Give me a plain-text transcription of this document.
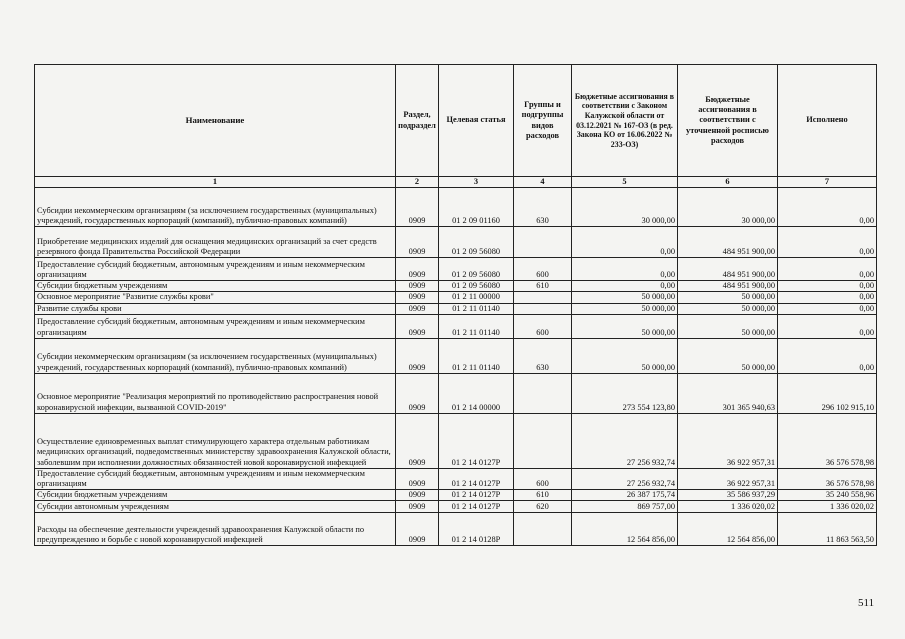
Наименование	Раздел, подраздел	Целевая статья	Группы и подгруппы видов расходов	Бюджетные ассигнования в соответствии с Законом Калужской области от 03.12.2021 № 167-ОЗ (в ред. Закона КО от 16.06.2022 № 233-ОЗ)	Бюджетные ассигнования в соответствии с уточненной росписью расходов	Исполнено
1	2	3	4	5	6	7
Субсидии некоммерческим организациям (за исключением государственных (муниципальных) учреждений, государственных корпораций (компаний), публично-правовых компаний)	0909	01 2 09 01160	630	30 000,00	30 000,00	0,00
Приобретение медицинских изделий для оснащения медицинских организаций за счет средств резервного фонда Правительства Российской Федерации	0909	01 2 09 56080		0,00	484 951 900,00	0,00
Предоставление субсидий бюджетным, автономным учреждениям и иным некоммерческим организациям	0909	01 2 09 56080	600	0,00	484 951 900,00	0,00
Субсидии бюджетным учреждениям	0909	01 2 09 56080	610	0,00	484 951 900,00	0,00
Основное мероприятие "Развитие службы крови"	0909	01 2 11 00000		50 000,00	50 000,00	0,00
Развитие службы крови	0909	01 2 11 01140		50 000,00	50 000,00	0,00
Предоставление субсидий бюджетным, автономным учреждениям и иным некоммерческим организациям	0909	01 2 11 01140	600	50 000,00	50 000,00	0,00
Субсидии некоммерческим организациям (за исключением государственных (муниципальных) учреждений, государственных корпораций (компаний), публично-правовых компаний)	0909	01 2 11 01140	630	50 000,00	50 000,00	0,00
Основное мероприятие "Реализация мероприятий по противодействию распространения новой коронавирусной инфекции, вызванной COVID-2019"	0909	01 2 14 00000		273 554 123,80	301 365 940,63	296 102 915,10
Осуществление единовременных выплат стимулирующего характера отдельным работникам медицинских организаций, подведомственных министерству здравоохранения Калужской области, заболевшим при исполнении должностных обязанностей новой коронавирусной инфекцией	0909	01 2 14 0127Р		27 256 932,74	36 922 957,31	36 576 578,98
Предоставление субсидий бюджетным, автономным учреждениям и иным некоммерческим организациям	0909	01 2 14 0127Р	600	27 256 932,74	36 922 957,31	36 576 578,98
Субсидии бюджетным учреждениям	0909	01 2 14 0127Р	610	26 387 175,74	35 586 937,29	35 240 558,96
Субсидии автономным учреждениям	0909	01 2 14 0127Р	620	869 757,00	1 336 020,02	1 336 020,02
Расходы на обеспечение деятельности учреждений здравоохранения Калужской области по предупреждению и борьбе с новой коронавирусной инфекцией	0909	01 2 14 0128Р		12 564 856,00	12 564 856,00	11 863 563,50
511
